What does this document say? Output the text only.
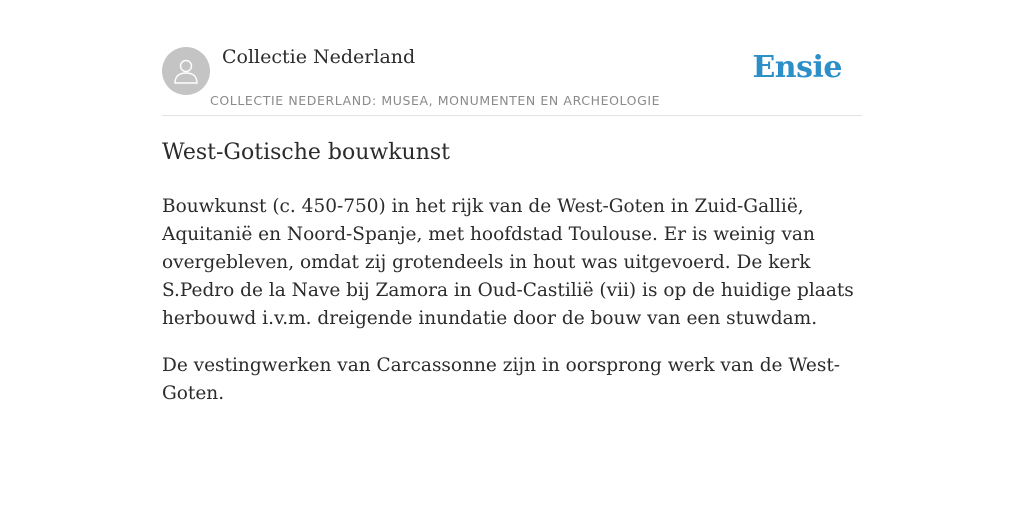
Collectie Nederland
COLLECTIE NEDERLAND: MUSEA, MONUMENTEN EN ARCHEOLOGIE
Ensie
West-Gotische bouwkunst

Bouwkunst (c. 450-750) in het rijk van de West-Goten in Zuid-Gallië, Aquitanië en Noord-Spanje, met hoofdstad Toulouse. Er is weinig van overgebleven, omdat zij grotendeels in hout was uitgevoerd. De kerk S.Pedro de la Nave bij Zamora in Oud-Castilië (vii) is op de huidige plaats herbouwd i.v.m. dreigende inundatie door de bouw van een stuwdam.

De vestingwerken van Carcassonne zijn in oorsprong werk van de West-Goten.
